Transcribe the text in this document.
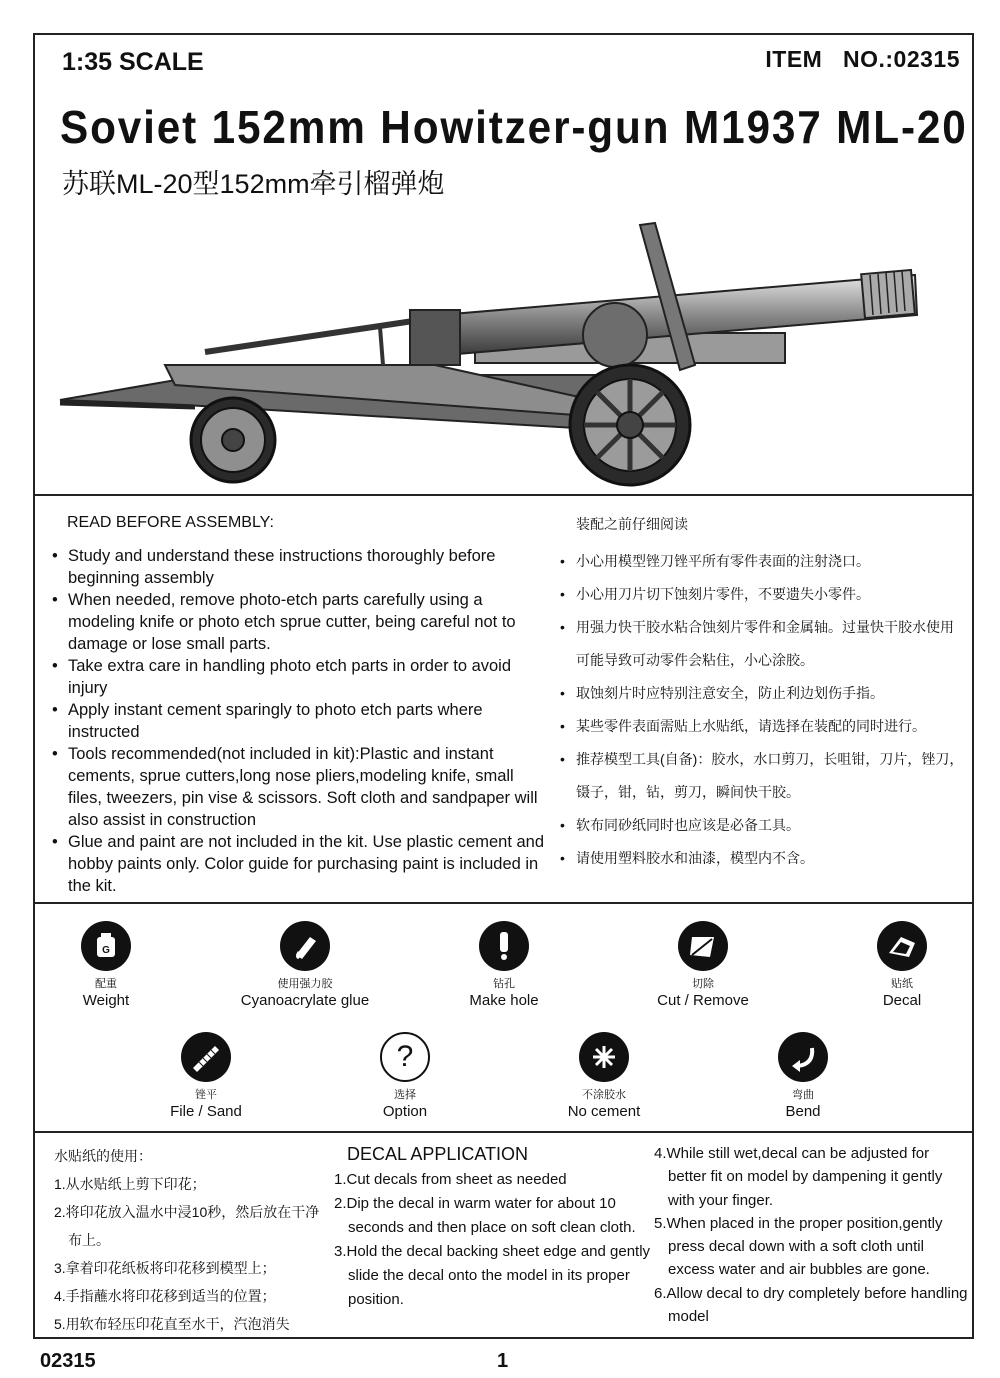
1:35 SCALE	ITEM   NO.:02315
Soviet 152mm Howitzer-gun M1937 ML-20
苏联ML-20型152mm牵引榴弹炮
READ BEFORE ASSEMBLY:
• Study and understand these instructions thoroughly before beginning assembly
• When needed, remove photo-etch parts carefully using a modeling knife or photo etch sprue cutter, being careful not to damage or lose small parts.
• Take extra care in handling photo etch parts in order to avoid injury
• Apply instant cement sparingly to photo etch parts where instructed
• Tools recommended(not included in kit):Plastic and instant cements, sprue cutters,long nose pliers,modeling knife, small files, tweezers, pin vise & scissors. Soft cloth and sandpaper will also assist in construction
• Glue and paint are not included in the kit. Use plastic cement and hobby paints only. Color guide for purchasing paint is included in the kit.
装配之前仔细阅读
• 小心用模型锉刀锉平所有零件表面的注射浇口。
• 小心用刀片切下蚀刻片零件，不要遗失小零件。
• 用强力快干胶水粘合蚀刻片零件和金属轴。过量快干胶水使用可能导致可动零件会粘住，小心涂胶。
• 取蚀刻片时应特别注意安全，防止利边划伤手指。
• 某些零件表面需贴上水贴纸，请选择在装配的同时进行。
• 推荐模型工具(自备)：胶水，水口剪刀，长咀钳，刀片，锉刀，镊子，钳，钻，剪刀，瞬间快干胶。
• 软布同砂纸同时也应该是必备工具。
• 请使用塑料胶水和油漆，模型内不含。
G
配重
Weight
使用强力胶
Cyanoacrylate glue
钻孔
Make hole
切除
Cut / Remove
贴纸
Decal
锉平
File / Sand
?
选择
Option
不涂胶水
No cement
弯曲
Bend
水贴纸的使用：
1.从水贴纸上剪下印花；
2.将印花放入温水中浸10秒，然后放在干净布上。
3.拿着印花纸板将印花移到模型上；
4.手指蘸水将印花移到适当的位置；
5.用软布轻压印花直至水干，汽泡消失
DECAL APPLICATION
1.Cut decals from sheet as needed
2.Dip the decal in warm water for about 10 seconds and then place on soft clean cloth.
3.Hold the decal backing sheet edge and gently slide the decal onto the model in its proper position.
4.While still wet,decal can be adjusted for better fit on model by dampening it gently with your finger.
5.When placed in the proper position,gently press decal down with a soft cloth until excess water and air bubbles are gone.
6.Allow decal to dry completely before handling model
02315	1
